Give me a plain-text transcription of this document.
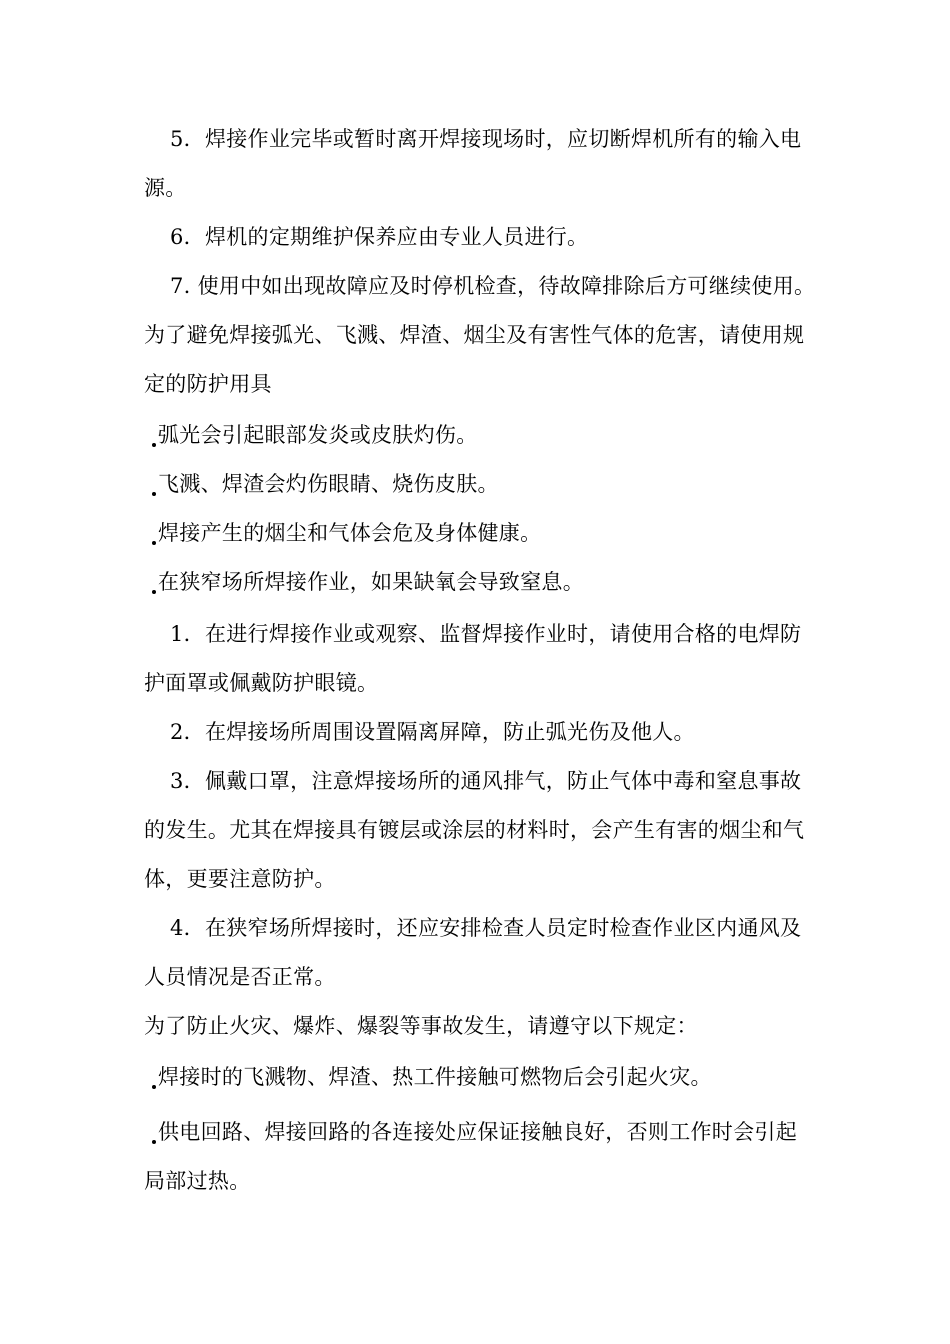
5．焊接作业完毕或暂时离开焊接现场时，应切断焊机所有的输入电
源。
6．焊机的定期维护保养应由专业人员进行。
7. 使用中如出现故障应及时停机检查，待故障排除后方可继续使用。
为了避免焊接弧光、飞溅、焊渣、烟尘及有害性气体的危害，请使用规
定的防护用具
弧光会引起眼部发炎或皮肤灼伤。
飞溅、焊渣会灼伤眼睛、烧伤皮肤。
焊接产生的烟尘和气体会危及身体健康。
在狭窄场所焊接作业，如果缺氧会导致窒息。
1．在进行焊接作业或观察、监督焊接作业时，请使用合格的电焊防
护面罩或佩戴防护眼镜。
2．在焊接场所周围设置隔离屏障，防止弧光伤及他人。
3．佩戴口罩，注意焊接场所的通风排气，防止气体中毒和窒息事故
的发生。尤其在焊接具有镀层或涂层的材料时，会产生有害的烟尘和气
体，更要注意防护。
4．在狭窄场所焊接时，还应安排检查人员定时检查作业区内通风及
人员情况是否正常。
为了防止火灾、爆炸、爆裂等事故发生，请遵守以下规定：
焊接时的飞溅物、焊渣、热工件接触可燃物后会引起火灾。
供电回路、焊接回路的各连接处应保证接触良好，否则工作时会引起
局部过热。
